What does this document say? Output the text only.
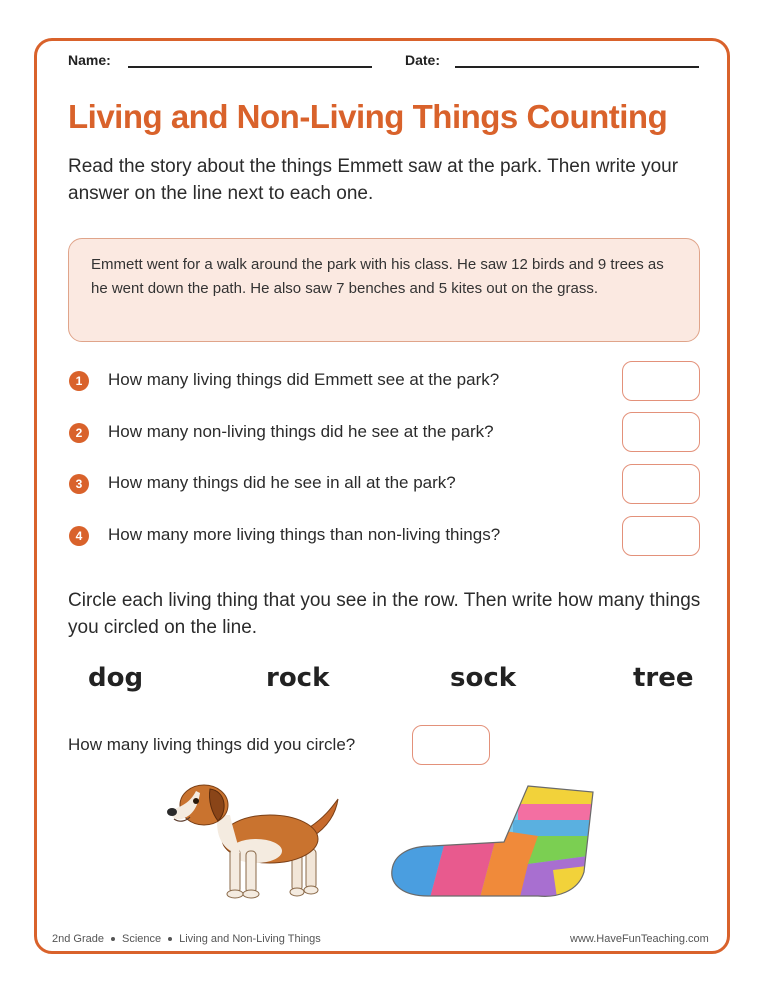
Name:	Date:
Living and Non-Living Things Counting
Read the story about the things Emmett saw at the park. Then write your answer on the line next to each one.
Emmett went for a walk around the park with his class. He saw 12 birds and 9 trees as he went down the path. He also saw 7 benches and 5 kites out on the grass.
1	How many living things did Emmett see at the park?
2	How many non-living things did he see at the park?
3	How many things did he see in all at the park?
4	How many more living things than non-living things?
Circle each living thing that you see in the row. Then write how many things you circled on the line.
dog	rock	sock	tree
How many living things did you circle?
2nd Grade Science Living and Non-Living Things	www.HaveFunTeaching.com
